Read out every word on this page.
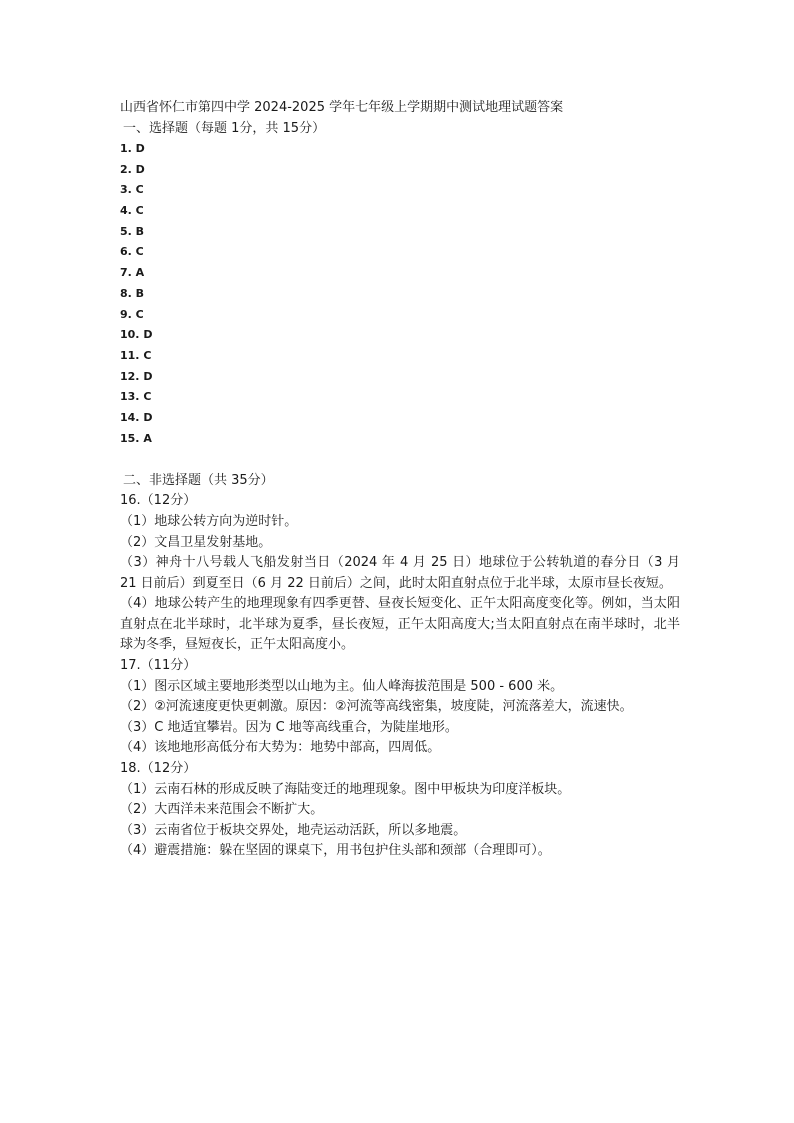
山西省怀仁市第四中学 2024-2025 学年七年级上学期期中测试地理试题答案
一、选择题（每题 1分，共 15分）
1. D
2. D
3. C
4. C
5. B
6. C
7. A
8. B
9. C
10. D
11. C
12. D
13. C
14. D
15. A
二、非选择题（共 35分）
16.（12分）
（1）地球公转方向为逆时针。
（2）文昌卫星发射基地。
（3）神舟十八号载人飞船发射当日（2024 年 4 月 25 日）地球位于公转轨道的春分日（3 月 21 日前后）到夏至日（6 月 22 日前后）之间，此时太阳直射点位于北半球，太原市昼长夜短。
（4）地球公转产生的地理现象有四季更替、昼夜长短变化、正午太阳高度变化等。例如，当太阳直射点在北半球时，北半球为夏季，昼长夜短，正午太阳高度大;当太阳直射点在南半球时，北半球为冬季，昼短夜长，正午太阳高度小。
17.（11分）
（1）图示区域主要地形类型以山地为主。仙人峰海拔范围是 500 - 600 米。
（2）②河流速度更快更刺激。原因：②河流等高线密集，坡度陡，河流落差大，流速快。
（3）C 地适宜攀岩。因为 C 地等高线重合，为陡崖地形。
（4）该地地形高低分布大势为：地势中部高，四周低。
18.（12分）
（1）云南石林的形成反映了海陆变迁的地理现象。图中甲板块为印度洋板块。
（2）大西洋未来范围会不断扩大。
（3）云南省位于板块交界处，地壳运动活跃，所以多地震。
（4）避震措施：躲在坚固的课桌下，用书包护住头部和颈部（合理即可）。
